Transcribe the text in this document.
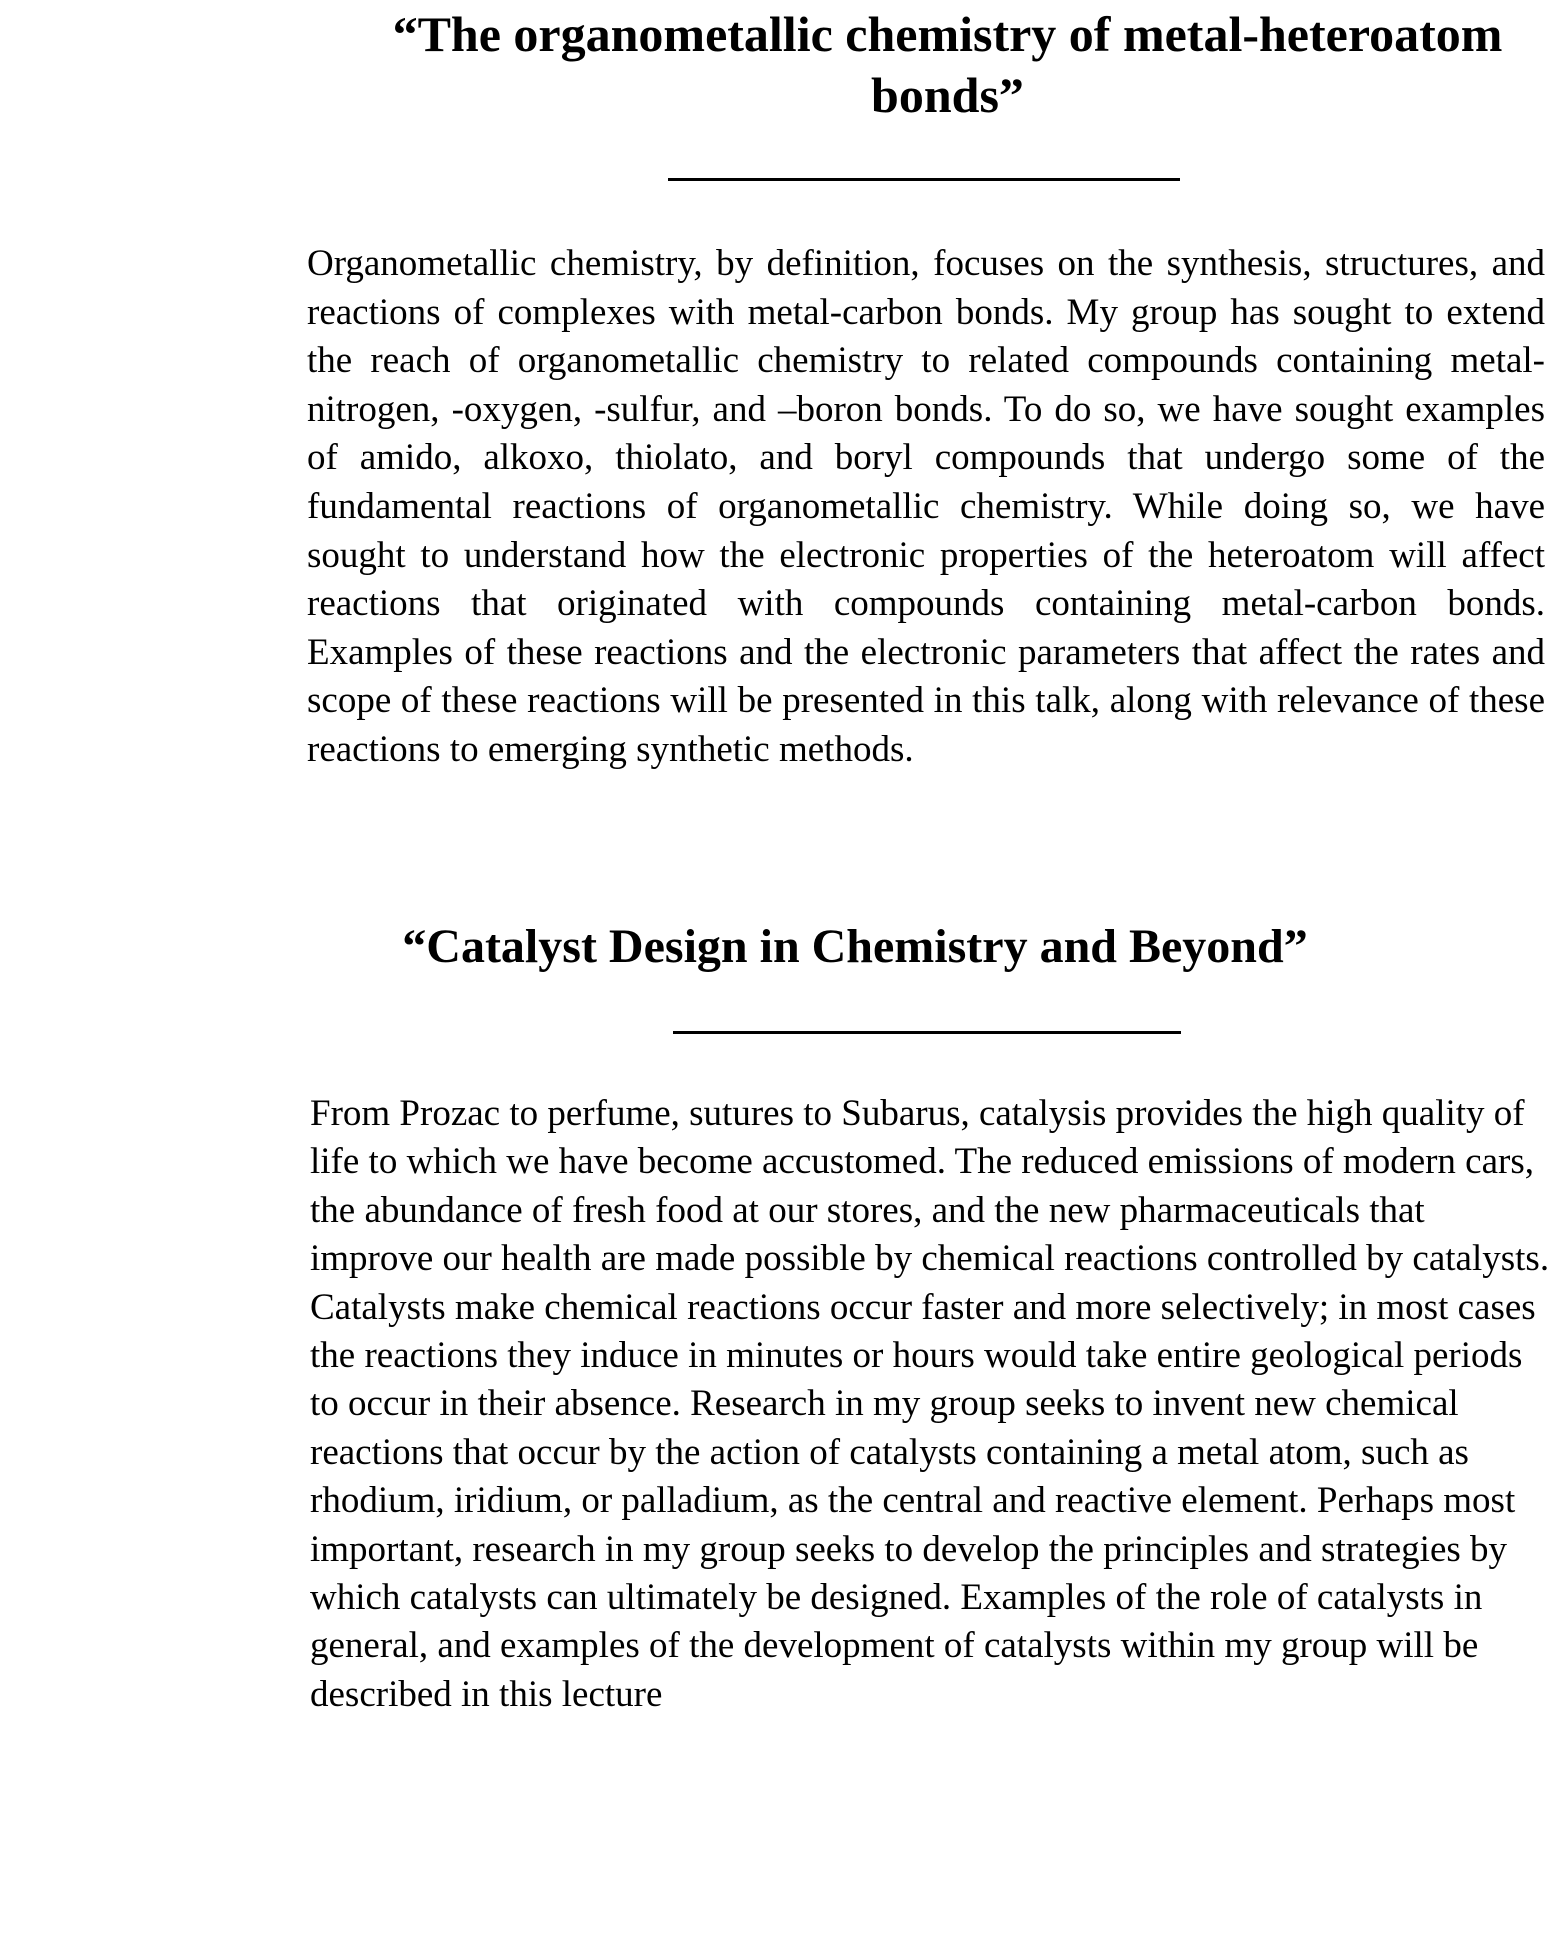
“The organometallic chemistry of metal-heteroatom bonds”

Organometallic chemistry, by definition, focuses on the synthesis, structures, and reactions of complexes with metal-carbon bonds. My group has sought to extend the reach of organometallic chemistry to related compounds containing metal-nitrogen, -oxygen, -sulfur, and –boron bonds. To do so, we have sought examples of amido, alkoxo, thiolato, and boryl compounds that undergo some of the fundamental reactions of organometallic chemistry. While doing so, we have sought to understand how the electronic properties of the heteroatom will affect reactions that originated with compounds containing metal-carbon bonds. Examples of these reactions and the electronic parameters that affect the rates and scope of these reactions will be presented in this talk, along with relevance of these reactions to emerging synthetic methods.

“Catalyst Design in Chemistry and Beyond”

From Prozac to perfume, sutures to Subarus, catalysis provides the high quality of life to which we have become accustomed. The reduced emissions of modern cars, the abundance of fresh food at our stores, and the new pharmaceuticals that improve our health are made possible by chemical reactions controlled by catalysts. Catalysts make chemical reactions occur faster and more selectively; in most cases the reactions they induce in minutes or hours would take entire geological periods to occur in their absence. Research in my group seeks to invent new chemical reactions that occur by the action of catalysts containing a metal atom, such as rhodium, iridium, or palladium, as the central and reactive element. Perhaps most important, research in my group seeks to develop the principles and strategies by which catalysts can ultimately be designed. Examples of the role of catalysts in general, and examples of the development of catalysts within my group will be described in this lecture
